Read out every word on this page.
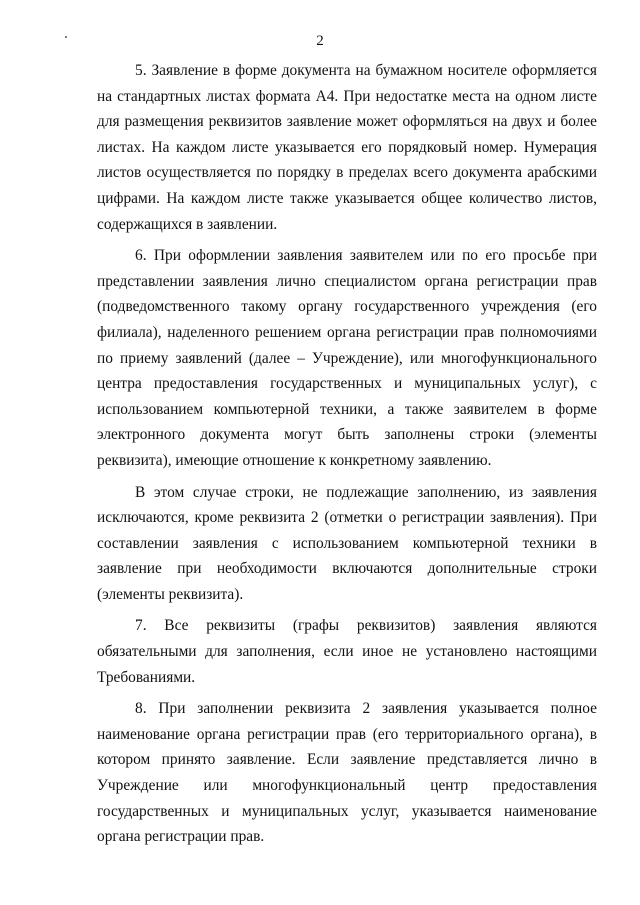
2

5. Заявление в форме документа на бумажном носителе оформляется на стандартных листах формата А4. При недостатке места на одном листе для размещения реквизитов заявление может оформляться на двух и более листах. На каждом листе указывается его порядковый номер. Нумерация листов осуществляется по порядку в пределах всего документа арабскими цифрами. На каждом листе также указывается общее количество листов, содержащихся в заявлении.

6. При оформлении заявления заявителем или по его просьбе при представлении заявления лично специалистом органа регистрации прав (подведомственного такому органу государственного учреждения (его филиала), наделенного решением органа регистрации прав полномочиями по приему заявлений (далее – Учреждение), или многофункционального центра предоставления государственных и муниципальных услуг), с использованием компьютерной техники, а также заявителем в форме электронного документа могут быть заполнены строки (элементы реквизита), имеющие отношение к конкретному заявлению.

В этом случае строки, не подлежащие заполнению, из заявления исключаются, кроме реквизита 2 (отметки о регистрации заявления). При составлении заявления с использованием компьютерной техники в заявление при необходимости включаются дополнительные строки (элементы реквизита).

7. Все реквизиты (графы реквизитов) заявления являются обязательными для заполнения, если иное не установлено настоящими Требованиями.

8. При заполнении реквизита 2 заявления указывается полное наименование органа регистрации прав (его территориального органа), в котором принято заявление. Если заявление представляется лично в Учреждение или многофункциональный центр предоставления государственных и муниципальных услуг, указывается наименование органа регистрации прав.
